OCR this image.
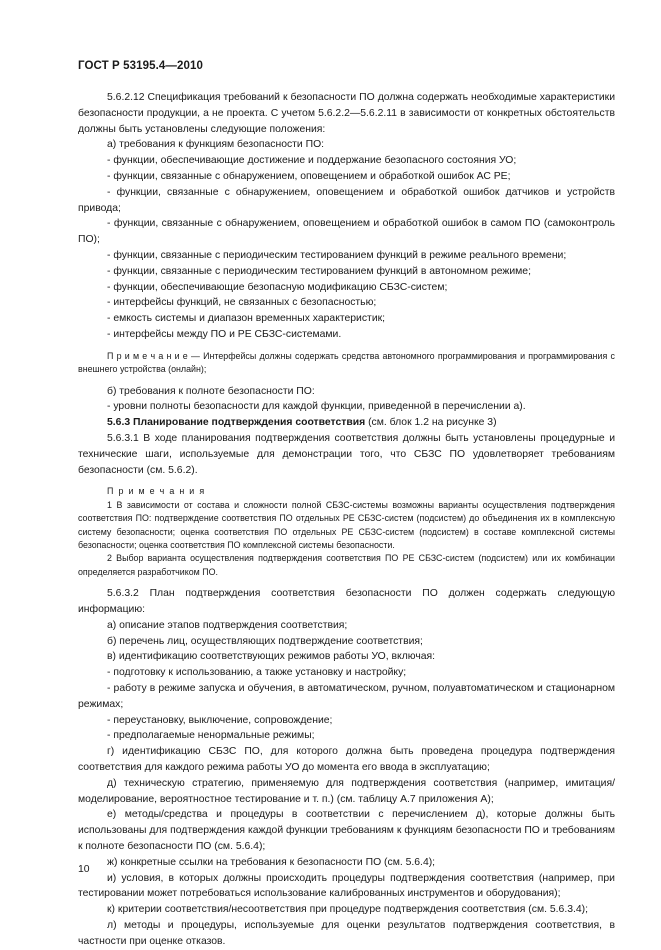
ГОСТ Р 53195.4—2010

5.6.2.12 Спецификация требований к безопасности ПО должна содержать необходимые характеристики безопасности продукции, а не проекта. С учетом 5.6.2.2—5.6.2.11 в зависимости от конкретных обстоятельств должны быть установлены следующие положения:

а) требования к функциям безопасности ПО:

- функции, обеспечивающие достижение и поддержание безопасного состояния УО;

- функции, связанные с обнаружением, оповещением и обработкой ошибок АС РЕ;

- функции, связанные с обнаружением, оповещением и обработкой ошибок датчиков и устройств привода;

- функции, связанные с обнаружением, оповещением и обработкой ошибок в самом ПО (самоконтроль ПО);

- функции, связанные с периодическим тестированием функций в режиме реального времени;

- функции, связанные с периодическим тестированием функций в автономном режиме;

- функции, обеспечивающие безопасную модификацию СБЗС-систем;

- интерфейсы функций, не связанных с безопасностью;

- емкость системы и диапазон временных характеристик;

- интерфейсы между ПО и РЕ СБЗС-системами.

П р и м е ч а н и е — Интерфейсы должны содержать средства автономного программирования и программирования с внешнего устройства (онлайн);

б) требования к полноте безопасности ПО:

- уровни полноты безопасности для каждой функции, приведенной в перечислении а).

5.6.3 Планирование подтверждения соответствия (см. блок 1.2 на рисунке 3)

5.6.3.1 В ходе планирования подтверждения соответствия должны быть установлены процедурные и технические шаги, используемые для демонстрации того, что СБЗС ПО удовлетворяет требованиям безопасности (см. 5.6.2).

П р и м е ч а н и я

1 В зависимости от состава и сложности полной СБЗС-системы возможны варианты осуществления подтверждения соответствия ПО: подтверждение соответствия ПО отдельных РЕ СБЗС-систем (подсистем) до объединения их в комплексную систему безопасности; оценка соответствия ПО отдельных РЕ СБЗС-систем (подсистем) в составе комплексной системы безопасности; оценка соответствия ПО комплексной системы безопасности.

2 Выбор варианта осуществления подтверждения соответствия ПО РЕ СБЗС-систем (подсистем) или их комбинации определяется разработчиком ПО.

5.6.3.2 План подтверждения соответствия безопасности ПО должен содержать следующую информацию:

а) описание этапов подтверждения соответствия;

б) перечень лиц, осуществляющих подтверждение соответствия;

в) идентификацию соответствующих режимов работы УО, включая:

- подготовку к использованию, а также установку и настройку;

- работу в режиме запуска и обучения, в автоматическом, ручном, полуавтоматическом и стационарном режимах;

- переустановку, выключение, сопровождение;

- предполагаемые ненормальные режимы;

г) идентификацию СБЗС ПО, для которого должна быть проведена процедура подтверждения соответствия для каждого режима работы УО до момента его ввода в эксплуатацию;

д) техническую стратегию, применяемую для подтверждения соответствия (например, имитация/моделирование, вероятностное тестирование и т. п.) (см. таблицу А.7 приложения А);

е) методы/средства и процедуры в соответствии с перечислением д), которые должны быть использованы для подтверждения каждой функции требованиям к функциям безопасности ПО и требованиям к полноте безопасности ПО (см. 5.6.4);

ж) конкретные ссылки на требования к безопасности ПО (см. 5.6.4);

и) условия, в которых должны происходить процедуры подтверждения соответствия (например, при тестировании может потребоваться использование калиброванных инструментов и оборудования);

к) критерии соответствия/несоответствия при процедуре подтверждения соответствия (см. 5.6.3.4);

л) методы и процедуры, используемые для оценки результатов подтверждения соответствия, в частности при оценке отказов.

10
